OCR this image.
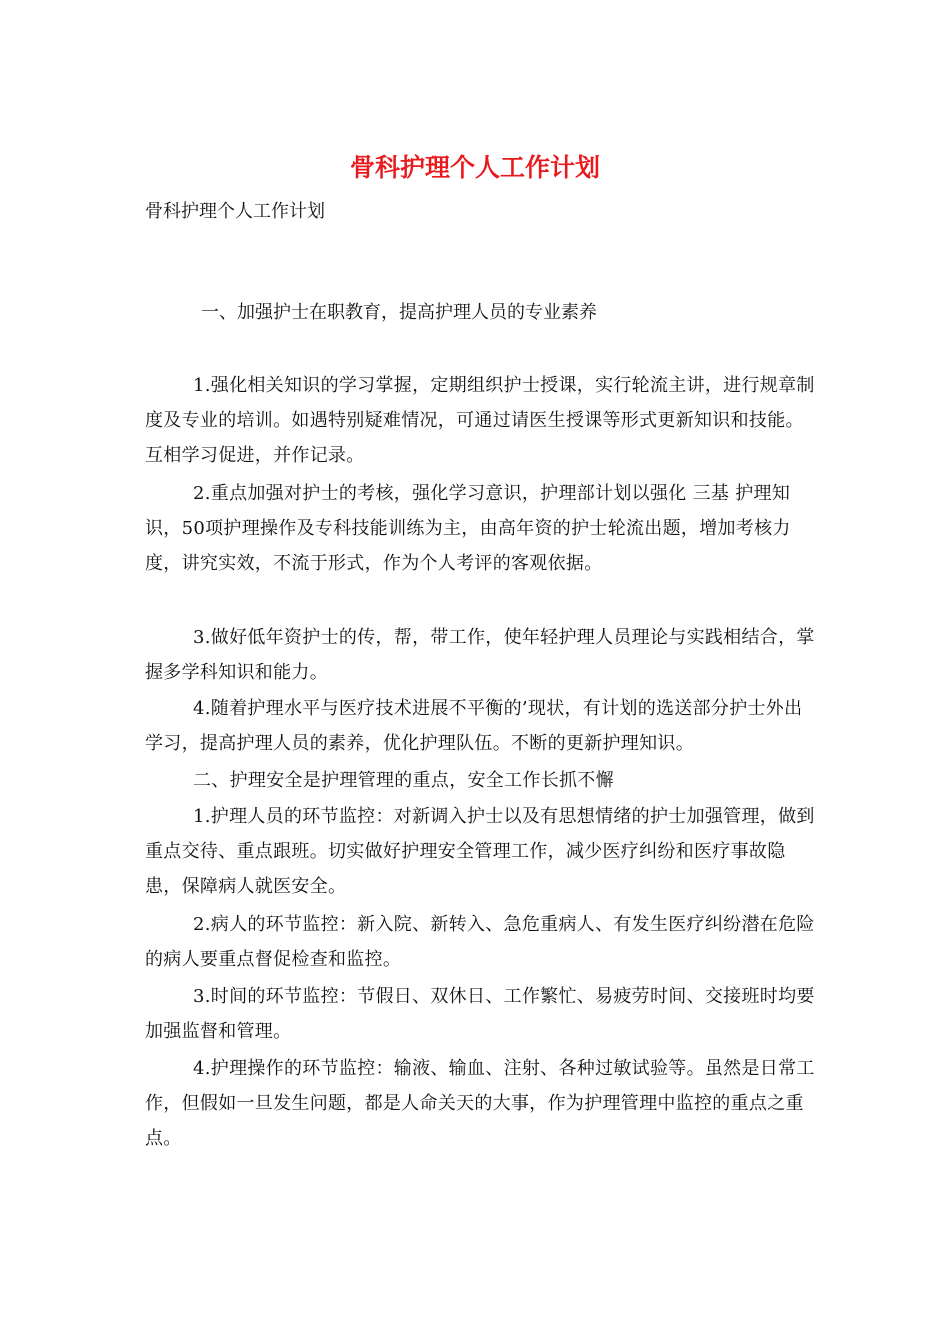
骨科护理个人工作计划
骨科护理个人工作计划
一、加强护士在职教育，提高护理人员的专业素养
1.强化相关知识的学习掌握，定期组织护士授课，实行轮流主讲，进行规章制度及专业的培训。如遇特别疑难情况，可通过请医生授课等形式更新知识和技能。互相学习促进，并作记录。
2.重点加强对护士的考核，强化学习意识，护理部计划以强化 三基 护理知识，50项护理操作及专科技能训练为主，由高年资的护士轮流出题，增加考核力度，讲究实效，不流于形式，作为个人考评的客观依据。
3.做好低年资护士的传，帮，带工作，使年轻护理人员理论与实践相结合，掌握多学科知识和能力。
4.随着护理水平与医疗技术进展不平衡的’现状，有计划的选送部分护士外出学习，提高护理人员的素养，优化护理队伍。不断的更新护理知识。
二、护理安全是护理管理的重点，安全工作长抓不懈
1.护理人员的环节监控：对新调入护士以及有思想情绪的护士加强管理，做到重点交待、重点跟班。切实做好护理安全管理工作，减少医疗纠纷和医疗事故隐患，保障病人就医安全。
2.病人的环节监控：新入院、新转入、急危重病人、有发生医疗纠纷潜在危险的病人要重点督促检查和监控。
3.时间的环节监控：节假日、双休日、工作繁忙、易疲劳时间、交接班时均要加强监督和管理。
4.护理操作的环节监控：输液、输血、注射、各种过敏试验等。虽然是日常工作，但假如一旦发生问题，都是人命关天的大事，作为护理管理中监控的重点之重点。
